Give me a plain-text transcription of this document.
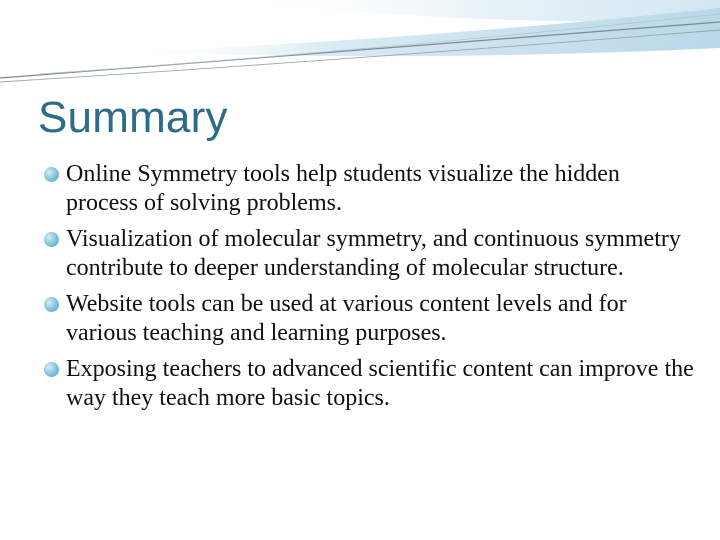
Summary
Online Symmetry tools help students visualize the hidden process of solving problems.
Visualization of molecular symmetry, and continuous symmetry contribute to deeper understanding of molecular structure.
Website tools can be used at various content levels and for various teaching and learning purposes.
Exposing teachers to advanced scientific content can improve the way they teach more basic topics.
